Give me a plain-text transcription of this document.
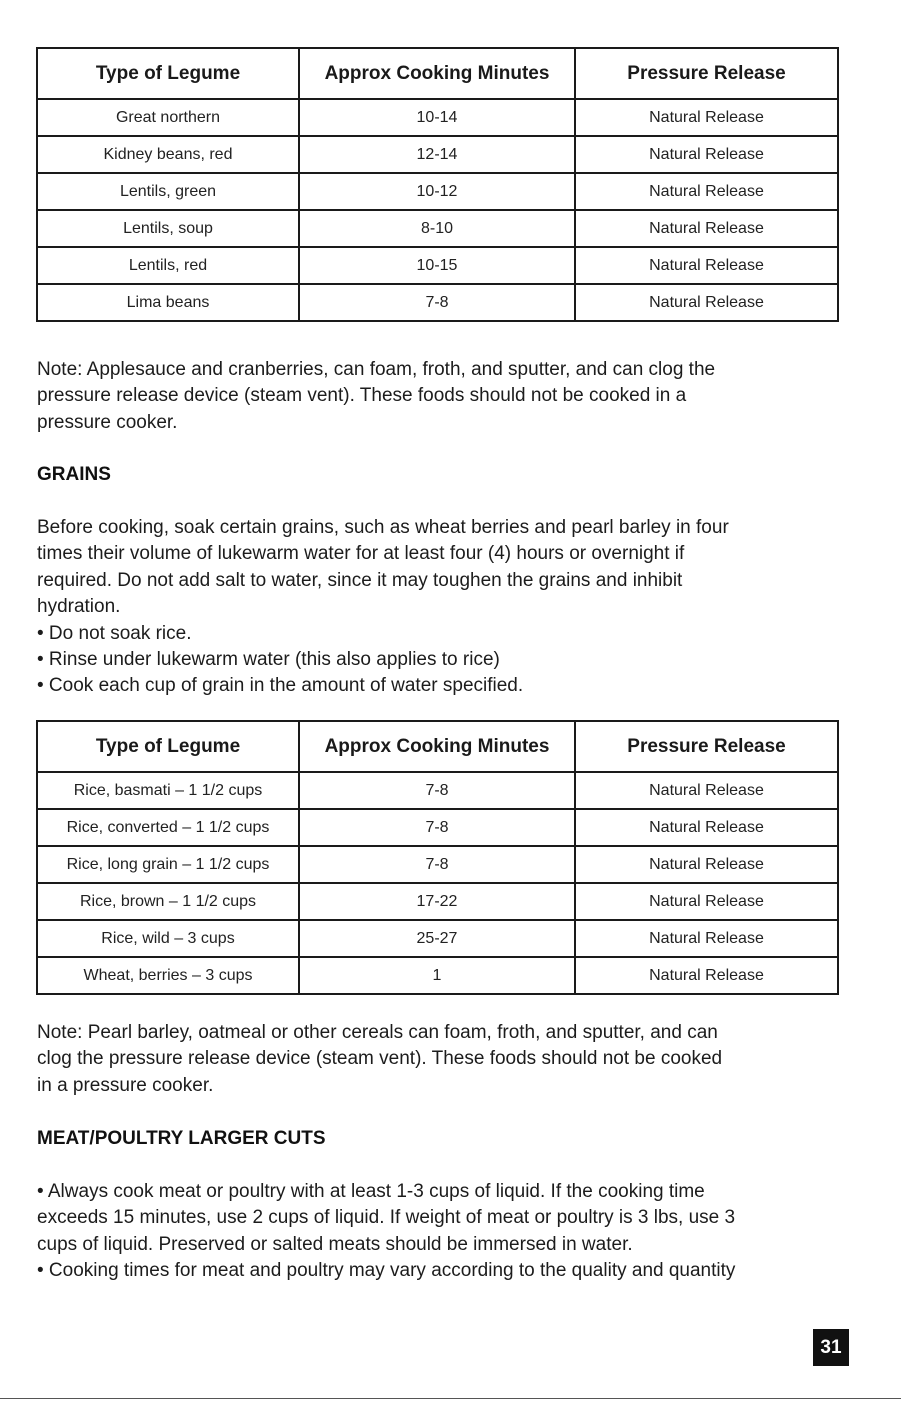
Type of Legume	Approx Cooking Minutes	Pressure Release
Great northern	10-14	Natural Release
Kidney beans, red	12-14	Natural Release
Lentils, green	10-12	Natural Release
Lentils, soup	8-10	Natural Release
Lentils, red	10-15	Natural Release
Lima beans	7-8	Natural Release
Note: Applesauce and cranberries, can foam, froth, and sputter, and can clog the
pressure release device (steam vent). These foods should not be cooked in a
pressure cooker.
GRAINS
Before cooking, soak certain grains, such as wheat berries and pearl barley in four
times their volume of lukewarm water for at least four (4) hours or overnight if
required. Do not add salt to water, since it may toughen the grains and inhibit
hydration.
• Do not soak rice.
• Rinse under lukewarm water (this also applies to rice)
• Cook each cup of grain in the amount of water specified.
Type of Legume	Approx Cooking Minutes	Pressure Release
Rice, basmati – 1 1/2 cups	7-8	Natural Release
Rice, converted – 1 1/2 cups	7-8	Natural Release
Rice, long grain – 1 1/2 cups	7-8	Natural Release
Rice, brown – 1 1/2 cups	17-22	Natural Release
Rice, wild – 3 cups	25-27	Natural Release
Wheat, berries – 3 cups	1	Natural Release
Note: Pearl barley, oatmeal or other cereals can foam, froth, and sputter, and can
clog the pressure release device (steam vent). These foods should not be cooked
in a pressure cooker.
MEAT/POULTRY LARGER CUTS
• Always cook meat or poultry with at least 1-3 cups of liquid. If the cooking time
exceeds 15 minutes, use 2 cups of liquid. If weight of meat or poultry is 3 lbs, use 3
cups of liquid. Preserved or salted meats should be immersed in water.
• Cooking times for meat and poultry may vary according to the quality and quantity
31
